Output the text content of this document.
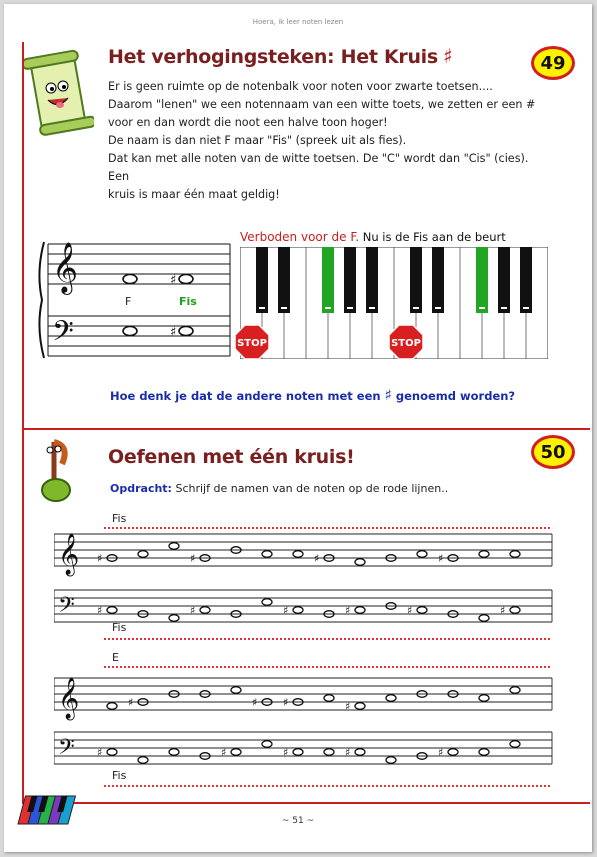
Hoera, ik leer noten lezen
Het verhogingsteken: Het Kruis ♯	49
Er is geen ruimte op de notenbalk voor noten voor zwarte toetsen....
Daarom "lenen" we een notennaam van een witte toets, we zetten er een #
voor en dan wordt die noot een halve toon hoger!
De naam is dan niet F maar "Fis" (spreek uit als fies).
Dat kan met alle noten van de witte toetsen. De "C" wordt dan "Cis" (cies). Een
kruis is maar één maat geldig!
𝄞
𝄢
♯
♯
F	Fis
Verboden voor de F. Nu is de Fis aan de beurt
STOP	STOP
Hoe denk je dat de andere noten met een ♯ genoemd worden?
Oefenen met één kruis!	50
Opdracht: Schrijf de namen van de noten op de rode lijnen..
Fis
𝄞
𝄢
♯	♯	♯	♯
♯	♯	♯	♯	♯	♯
Fis
E
𝄞
𝄢
♯	♯ ♯	♯
♯	♯	♯	♯	♯
Fis
~ 51 ~
